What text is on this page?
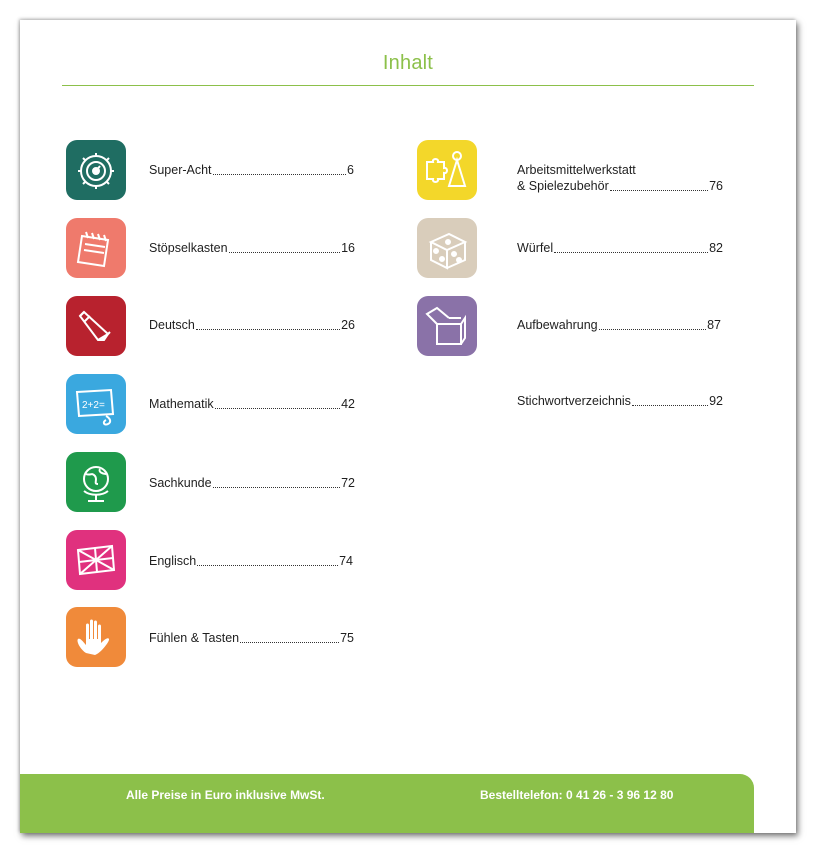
Inhalt
Super-Acht	6
Stöpselkasten	16
Deutsch	26
2+2=	Mathematik	42
Sachkunde	72
Englisch	74
Fühlen & Tasten	75
Arbeitsmittelwerkstatt
& Spielezubehör	76
Würfel	82
Aufbewahrung	87
Stichwortverzeichnis	92
Alle Preise in Euro inklusive MwSt.	Bestelltelefon: 0 41 26 - 3 96 12 80
